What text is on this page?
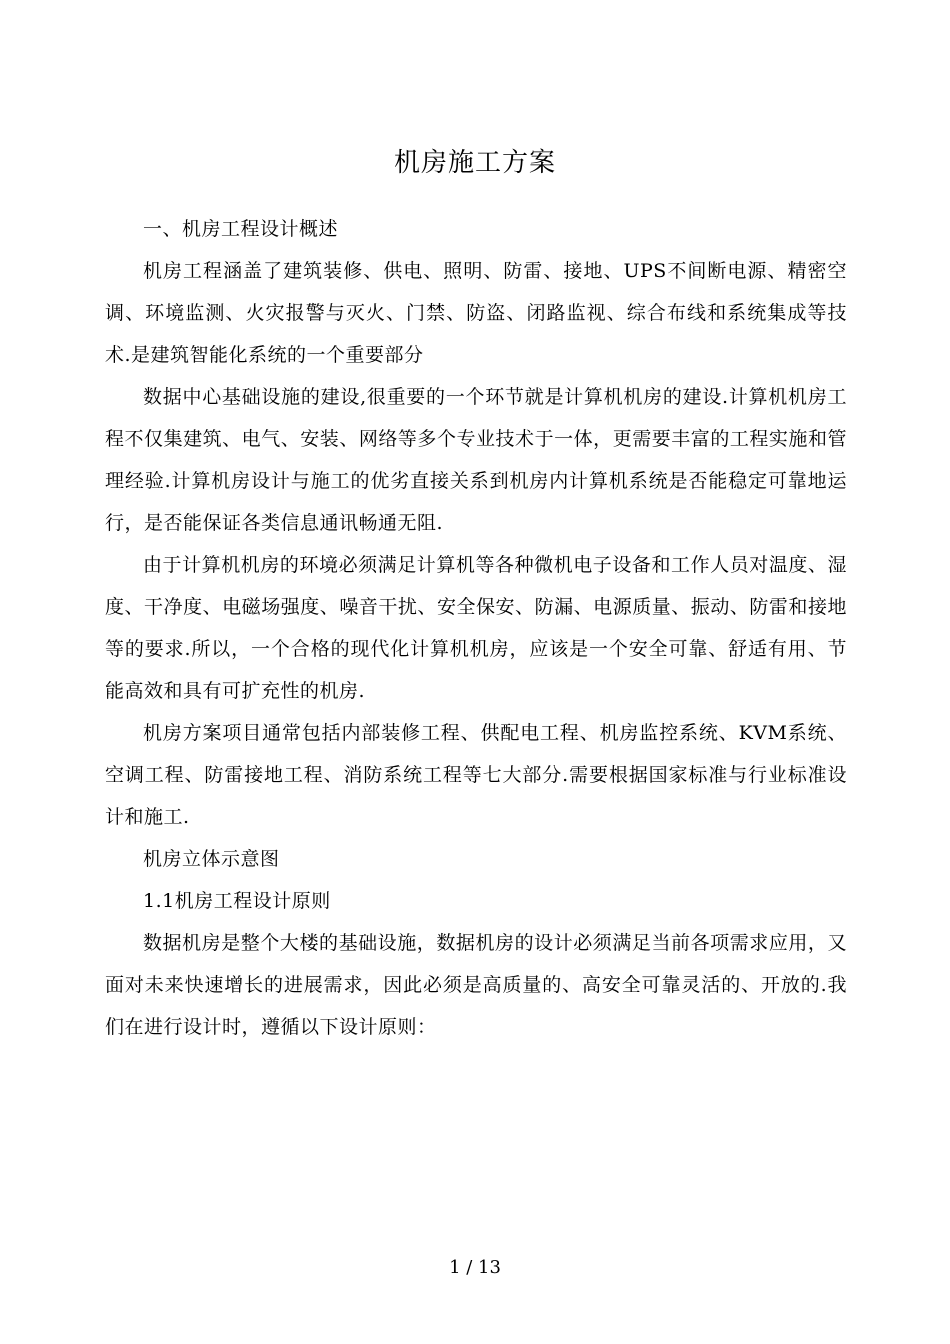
机房施工方案

一、机房工程设计概述

机房工程涵盖了建筑装修、供电、照明、防雷、接地、UPS不间断电源、精密空调、环境监测、火灾报警与灭火、门禁、防盗、闭路监视、综合布线和系统集成等技术.是建筑智能化系统的一个重要部分

数据中心基础设施的建设,很重要的一个环节就是计算机机房的建设.计算机机房工程不仅集建筑、电气、安装、网络等多个专业技术于一体，更需要丰富的工程实施和管理经验.计算机房设计与施工的优劣直接关系到机房内计算机系统是否能稳定可靠地运行，是否能保证各类信息通讯畅通无阻.

由于计算机机房的环境必须满足计算机等各种微机电子设备和工作人员对温度、湿度、干净度、电磁场强度、噪音干扰、安全保安、防漏、电源质量、振动、防雷和接地等的要求.所以，一个合格的现代化计算机机房，应该是一个安全可靠、舒适有用、节能高效和具有可扩充性的机房.

机房方案项目通常包括内部装修工程、供配电工程、机房监控系统、KVM系统、空调工程、防雷接地工程、消防系统工程等七大部分.需要根据国家标准与行业标准设计和施工.

机房立体示意图

1.1机房工程设计原则

数据机房是整个大楼的基础设施，数据机房的设计必须满足当前各项需求应用，又面对未来快速增长的进展需求，因此必须是高质量的、高安全可靠灵活的、开放的.我们在进行设计时，遵循以下设计原则：

1 / 13
